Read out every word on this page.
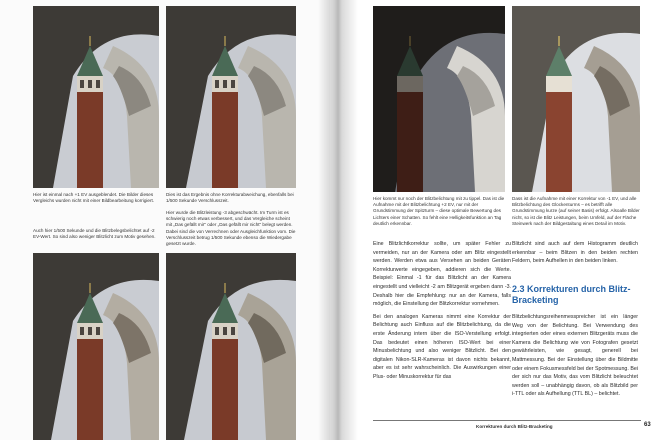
Hier ist einmal nach +1 EV ausgeblendet. Die Bilder dieses Vergleichs wurden nicht mit einer Bildbearbeitung korrigiert.
Dies ist das Ergebnis ohne Korrekturabweichung, ebenfalls bei 1/500 Sekunde Verschlusszeit.
Auch hier 1/500 Sekunde und die Blitzbelegsbelichtet auf -2 EV-Wert. So sind also weniger Blitzlicht zum Motiv gesehen.
Hier wurde die Blitzleistung -3 abgeschwächt. Im Turm ist es schwierig noch etwas verbessert, und das Vergleiche scheint mit „Das gefällt mir" oder „Das gefällt mir nicht" belegt werden. Dabei sind die von Verrechnen oder Ausgleichfunktion vom. Die Verschlusszeit betrug 1/500 Sekunde ebenso die Wiedergabe gesetzt wurde.
Hier kommt nur noch der Blitzbelichtung mit zu tippel. Das ist die Aufnahme mit der Blitzbelichtung +2 EV, nur mit der Grundstimmung der Spitzturm – diese optimale Bewertung des Lichters einer Schatten. So fehlt eine Helligkeitsfunktion an Tag deutlich erkennbar.
Dass ist die Aufnahme mit einer Korrektur von -1 EV, und alle Blitzbelichtung des Glockenturms – es betrifft alle Grundstimmung kurze (auf seiner Basis) erfolgt. Alsoalle Bilder nicht, so ist die Blitz Leistungen, beim Umfeld, auf der Fläche Steinwerk nach der Bildgestaltung eines Detail im Motiv.

Eine Blitzlichtkorrektur sollte, um später Fehler zu vermeiden, nur an der Kamera oder am Blitz eingestellt werden. Werden etwa aus Versehen an beiden Geräten Korrekturwerte eingegeben, addieren sich die Werte. Beispiel: Einmal -1 für das Blitzlicht an der Kamera eingestellt und vielleicht -2 am Blitzgerät ergeben dann -3. Deshalb hier die Empfehlung: nur an der Kamera, falls möglich, die Einstellung der Blitzkorrektur vornehmen.

Bei den analogen Kameras nimmt eine Korrektur der Belichtung auch Einfluss auf die Blitzbelichtung, da die erste Änderung intern über die ISO-Verstellung erfolgt. Das bedeutet einen höheren ISO-Wert bei einer Minusbelichtung und also weniger Blitzlicht. Bei den digitalen Nikon-SLR-Kameras ist davon nichts bekannt, aber es ist sehr wahrscheinlich. Die Auswirkungen einer Plus- oder Minuskorrektur für das

Blitzlicht sind auch auf dem Histogramm deutlich erkennbar – beim Blitzen in den beiden rechten Feldern, beim Aufhellen in den beiden linken.
2.3 Korrekturen durch Blitz-Bracketing
Blitzbelichtungsreihenmesspreicher ist ein länger Weg von der Belichtung. Bei Verwendung des integrierten oder eines externen Blitzgeräts muss die Kamera die Belichtung wie von Fotografen gesetzt gewährleisten, wie gesagt, generell bei Mattmessung. Bei der Einstellung über die Bildmitte oder einem Fokusmessfeld bei der Spotmessung. Bei der sich nur das Motiv, das vom Blitzlicht beleuchtet werden soll – unabhängig davon, ob als Blitzbild per i-TTL oder als Aufhellung (TTL BL) – belichtet.
Korrekturen durch Blitz-Bracketing	63
